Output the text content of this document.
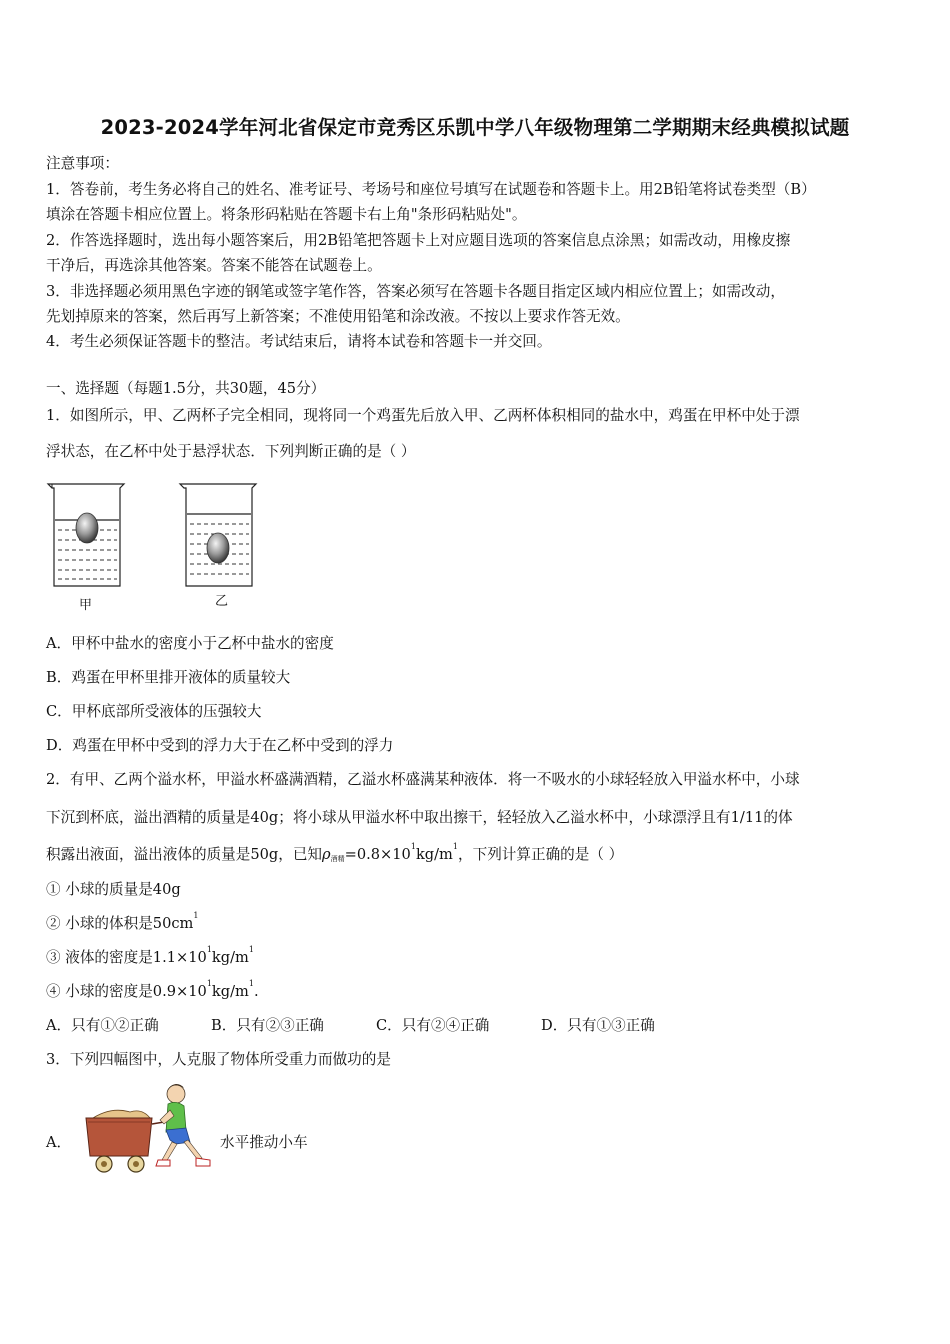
2023-2024学年河北省保定市竞秀区乐凯中学八年级物理第二学期期末经典模拟试题
注意事项：
1．答卷前，考生务必将自己的姓名、准考证号、考场号和座位号填写在试题卷和答题卡上。用2B铅笔将试卷类型（B）
填涂在答题卡相应位置上。将条形码粘贴在答题卡右上角"条形码粘贴处"。
2．作答选择题时，选出每小题答案后，用2B铅笔把答题卡上对应题目选项的答案信息点涂黑；如需改动，用橡皮擦
干净后，再选涂其他答案。答案不能答在试题卷上。
3．非选择题必须用黑色字迹的钢笔或签字笔作答，答案必须写在答题卡各题目指定区域内相应位置上；如需改动，
先划掉原来的答案，然后再写上新答案；不准使用铅笔和涂改液。不按以上要求作答无效。
4．考生必须保证答题卡的整洁。考试结束后，请将本试卷和答题卡一并交回。
一、选择题（每题1.5分，共30题，45分）
1．如图所示，甲、乙两杯子完全相同，现将同一个鸡蛋先后放入甲、乙两杯体积相同的盐水中，鸡蛋在甲杯中处于漂
浮状态，在乙杯中处于悬浮状态．下列判断正确的是（ ）
甲	乙
A．甲杯中盐水的密度小于乙杯中盐水的密度
B．鸡蛋在甲杯里排开液体的质量较大
C．甲杯底部所受液体的压强较大
D．鸡蛋在甲杯中受到的浮力大于在乙杯中受到的浮力
2．有甲、乙两个溢水杯，甲溢水杯盛满酒精，乙溢水杯盛满某种液体．将一不吸水的小球轻轻放入甲溢水杯中，小球
下沉到杯底，溢出酒精的质量是40g；将小球从甲溢水杯中取出擦干，轻轻放入乙溢水杯中，小球漂浮且有1/11的体
积露出液面，溢出液体的质量是50g，已知$\rho_{酒精}=0.8\times 10^1kg/m^1$，下列计算正确的是（ ）
① 小球的质量是40g
② 小球的体积是$50cm^1$
③ 液体的密度是$1.1\times 10^1kg/m^1$
④ 小球的密度是$0.9\times 10^1kg/m^1$.
A．只有①②正确	B．只有②③正确	C．只有②④正确	D．只有①③正确
3．下列四幅图中，人克服了物体所受重力而做功的是
A．	水平推动小车
